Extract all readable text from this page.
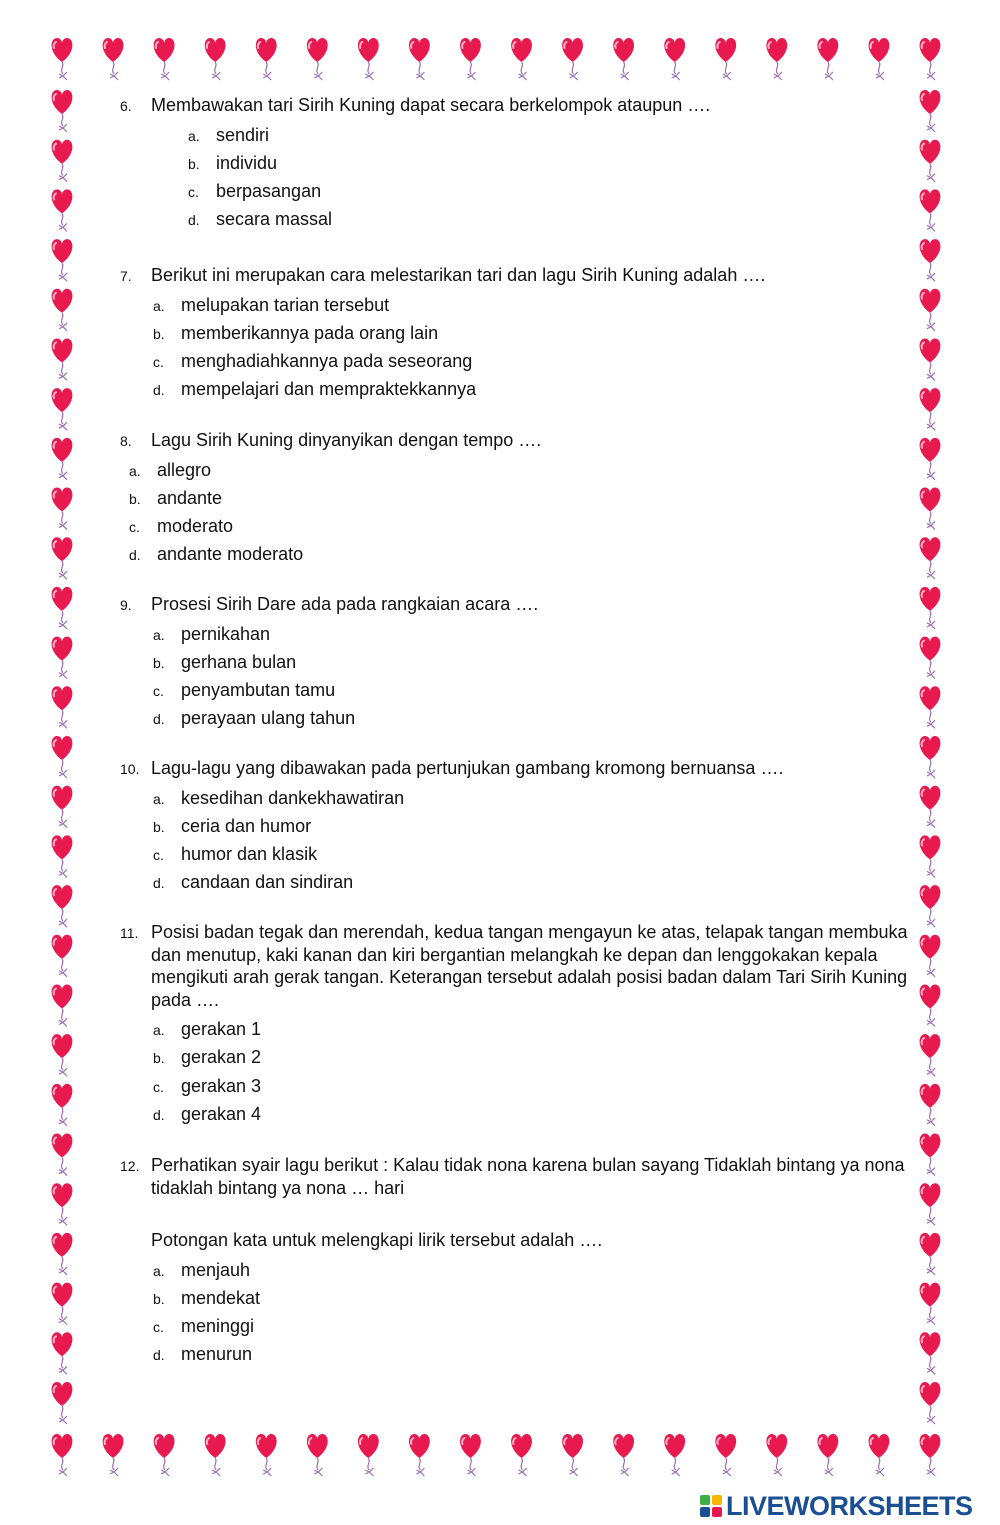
6. Membawakan tari Sirih Kuning dapat secara berkelompok ataupun ….
a. sendiri
b. individu
c. berpasangan
d. secara massal
7. Berikut ini merupakan cara melestarikan tari dan lagu Sirih Kuning adalah ….
a. melupakan tarian tersebut
b. memberikannya pada orang lain
c. menghadiahkannya pada seseorang
d. mempelajari dan mempraktekkannya
8. Lagu Sirih Kuning dinyanyikan dengan tempo ….
a. allegro
b. andante
c. moderato
d. andante moderato
9. Prosesi Sirih Dare ada pada rangkaian acara ….
a. pernikahan
b. gerhana bulan
c. penyambutan tamu
d. perayaan ulang tahun
10. Lagu-lagu yang dibawakan pada pertunjukan gambang kromong bernuansa ….
a. kesedihan dankekhawatiran
b. ceria dan humor
c. humor dan klasik
d. candaan dan sindiran
11. Posisi badan tegak dan merendah, kedua tangan mengayun ke atas, telapak tangan membuka dan menutup, kaki kanan dan kiri bergantian melangkah ke depan dan lenggokakan kepala mengikuti arah gerak tangan. Keterangan tersebut adalah posisi badan dalam Tari Sirih Kuning pada ….
a. gerakan 1
b. gerakan 2
c. gerakan 3
d. gerakan 4
12. Perhatikan syair lagu berikut : Kalau tidak nona karena bulan sayang Tidaklah bintang ya nona tidaklah bintang ya nona … hari
Potongan kata untuk melengkapi lirik tersebut adalah ….
a. menjauh
b. mendekat
c. meninggi
d. menurun
LIVEWORKSHEETS
